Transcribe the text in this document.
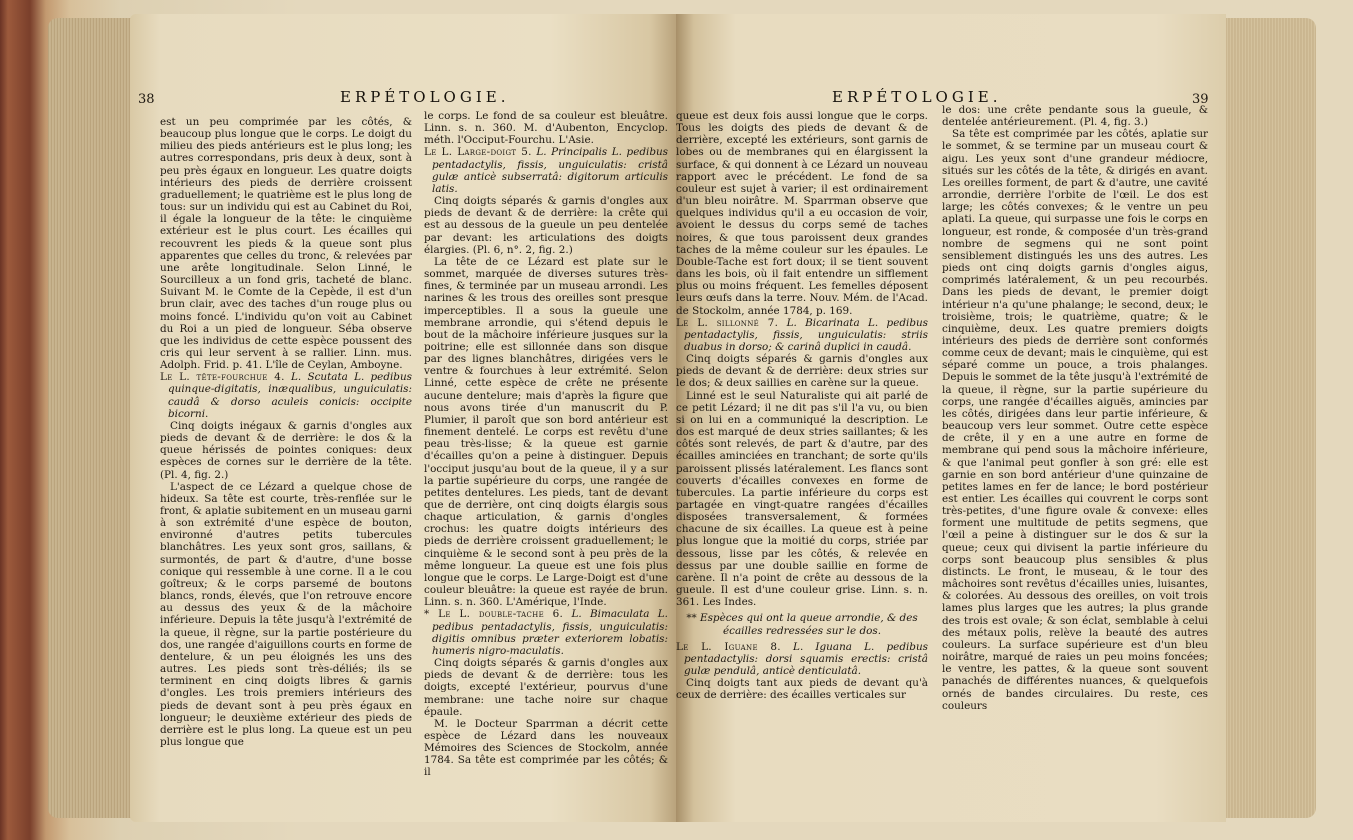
38	ERPÉTOLOGIE.

est un peu comprimée par les côtés, & beaucoup plus longue que le corps. Le doigt du milieu des pieds antérieurs est le plus long; les autres correspondans, pris deux à deux, sont à peu près égaux en longueur. Les quatre doigts intérieurs des pieds de derrière croissent graduellement; le quatrième est le plus long de tous: sur un individu qui est au Cabinet du Roi, il égale la longueur de la tête: le cinquième extérieur est le plus court. Les écailles qui recouvrent les pieds & la queue sont plus apparentes que celles du tronc, & relevées par une arête longitudinale. Selon Linné, le Sourcilleux a un fond gris, tacheté de blanc. Suivant M. le Comte de la Cepède, il est d'un brun clair, avec des taches d'un rouge plus ou moins foncé. L'individu qu'on voit au Cabinet du Roi a un pied de longueur. Séba observe que les individus de cette espèce poussent des cris qui leur servent à se rallier. Linn. mus. Adolph. Frid. p. 41. L'île de Ceylan, Amboyne.

Le L. tête-fourchue 4. L. Scutata L. pedibus quinque-digitatis, inæqualibus, unguiculatis: caudâ & dorso aculeis conicis: occipite bicorni.

Cinq doigts inégaux & garnis d'ongles aux pieds de devant & de derrière: le dos & la queue hérissés de pointes coniques: deux espèces de cornes sur le derrière de la tête. (Pl. 4, fig. 2.)

L'aspect de ce Lézard a quelque chose de hideux. Sa tête est courte, très-renflée sur le front, & aplatie subitement en un museau garni à son extrémité d'une espèce de bouton, environné d'autres petits tubercules blanchâtres. Les yeux sont gros, saillans, & surmontés, de part & d'autre, d'une bosse conique qui ressemble à une corne. Il a le cou goîtreux; & le corps parsemé de boutons blancs, ronds, élevés, que l'on retrouve encore au dessus des yeux & de la mâchoire inférieure. Depuis la tête jusqu'à l'extrémité de la queue, il règne, sur la partie postérieure du dos, une rangée d'aiguillons courts en forme de dentelure, & un peu éloignés les uns des autres. Les pieds sont très-déliés; ils se terminent en cinq doigts libres & garnis d'ongles. Les trois premiers intérieurs des pieds de devant sont à peu près égaux en longueur; le deuxième extérieur des pieds de derrière est le plus long. La queue est un peu plus longue que

le corps. Le fond de sa couleur est bleuâtre. Linn. s. n. 360. M. d'Aubenton, Encyclop. méth. l'Occiput-Fourchu. L'Asie.

Le L. Large-doigt 5. L. Principalis L. pedibus pentadactylis, fissis, unguiculatis: cristâ gulæ anticè subserratâ: digitorum articulis latis.

Cinq doigts séparés & garnis d'ongles aux pieds de devant & de derrière: la crête qui est au dessous de la gueule un peu dentelée par devant: les articulations des doigts élargies. (Pl. 6, n°. 2, fig. 2.)

La tête de ce Lézard est plate sur le sommet, marquée de diverses sutures très-fines, & terminée par un museau arrondi. Les narines & les trous des oreilles sont presque imperceptibles. Il a sous la gueule une membrane arrondie, qui s'étend depuis le bout de la mâchoire inférieure jusques sur la poitrine; elle est sillonnée dans son disque par des lignes blanchâtres, dirigées vers le ventre & fourchues à leur extrémité. Selon Linné, cette espèce de crête ne présente aucune dentelure; mais d'après la figure que nous avons tirée d'un manuscrit du P. Plumier, il paroît que son bord antérieur est finement dentelé. Le corps est revêtu d'une peau très-lisse; & la queue est garnie d'écailles qu'on a peine à distinguer. Depuis l'occiput jusqu'au bout de la queue, il y a sur la partie supérieure du corps, une rangée de petites dentelures. Les pieds, tant de devant que de derrière, ont cinq doigts élargis sous chaque articulation, & garnis d'ongles crochus: les quatre doigts intérieurs des pieds de derrière croissent graduellement; le cinquième & le second sont à peu près de la même longueur. La queue est une fois plus longue que le corps. Le Large-Doigt est d'une couleur bleuâtre: la queue est rayée de brun. Linn. s. n. 360. L'Amérique, l'Inde.

* Le L. double-tache 6. L. Bimaculata L. pedibus pentadactylis, fissis, unguiculatis: digitis omnibus præter exteriorem lobatis: humeris nigro-maculatis.

Cinq doigts séparés & garnis d'ongles aux pieds de devant & de derrière: tous les doigts, excepté l'extérieur, pourvus d'une membrane: une tache noire sur chaque épaule.

M. le Docteur Sparrman a décrit cette espèce de Lézard dans les nouveaux Mémoires des Sciences de Stockolm, année 1784. Sa tête est comprimée par les côtés; & il

ERPÉTOLOGIE.	39

queue est deux fois aussi longue que le corps. Tous les doigts des pieds de devant & de derrière, excepté les extérieurs, sont garnis de lobes ou de membranes qui en élargissent la surface, & qui donnent à ce Lézard un nouveau rapport avec le précédent. Le fond de sa couleur est sujet à varier; il est ordinairement d'un bleu noirâtre. M. Sparrman observe que quelques individus qu'il a eu occasion de voir, avoient le dessus du corps semé de taches noires, & que tous paroissent deux grandes taches de la même couleur sur les épaules. Le Double-Tache est fort doux; il se tient souvent dans les bois, où il fait entendre un sifflement plus ou moins fréquent. Les femelles déposent leurs œufs dans la terre. Nouv. Mém. de l'Acad. de Stockolm, année 1784, p. 169.

Le L. sillonné 7. L. Bicarinata L. pedibus pentadactylis, fissis, unguiculatis: striis duabus in dorso; & carinâ duplici in caudâ.

Cinq doigts séparés & garnis d'ongles aux pieds de devant & de derrière: deux stries sur le dos; & deux saillies en carène sur la queue.

Linné est le seul Naturaliste qui ait parlé de ce petit Lézard; il ne dit pas s'il l'a vu, ou bien si on lui en a communiqué la description. Le dos est marqué de deux stries saillantes; & les côtés sont relevés, de part & d'autre, par des écailles aminciées en tranchant; de sorte qu'ils paroissent plissés latéralement. Les flancs sont couverts d'écailles convexes en forme de tubercules. La partie inférieure du corps est partagée en vingt-quatre rangées d'écailles disposées transversalement, & formées chacune de six écailles. La queue est à peine plus longue que la moitié du corps, striée par dessous, lisse par les côtés, & relevée en dessus par une double saillie en forme de carène. Il n'a point de crête au dessous de la gueule. Il est d'une couleur grise. Linn. s. n. 361. Les Indes.

** Espèces qui ont la queue arrondie, & des écailles redressées sur le dos.

Le L. Iguane 8. L. Iguana L. pedibus pentadactylis: dorsi squamis erectis: cristâ gulæ pendulâ, anticè denticulatâ.

Cinq doigts tant aux pieds de devant qu'à ceux de derrière: des écailles verticales sur

le dos: une crête pendante sous la gueule, & dentelée antérieurement. (Pl. 4, fig. 3.)

Sa tête est comprimée par les côtés, aplatie sur le sommet, & se termine par un museau court & aigu. Les yeux sont d'une grandeur médiocre, situés sur les côtés de la tête, & dirigés en avant. Les oreilles forment, de part & d'autre, une cavité arrondie, derrière l'orbite de l'œil. Le dos est large; les côtés convexes; & le ventre un peu aplati. La queue, qui surpasse une fois le corps en longueur, est ronde, & composée d'un très-grand nombre de segmens qui ne sont point sensiblement distingués les uns des autres. Les pieds ont cinq doigts garnis d'ongles aigus, comprimés latéralement, & un peu recourbés. Dans les pieds de devant, le premier doigt intérieur n'a qu'une phalange; le second, deux; le troisième, trois; le quatrième, quatre; & le cinquième, deux. Les quatre premiers doigts intérieurs des pieds de derrière sont conformés comme ceux de devant; mais le cinquième, qui est séparé comme un pouce, a trois phalanges. Depuis le sommet de la tête jusqu'à l'extrémité de la queue, il règne, sur la partie supérieure du corps, une rangée d'écailles aiguës, amincies par les côtés, dirigées dans leur partie inférieure, & beaucoup vers leur sommet. Outre cette espèce de crête, il y en a une autre en forme de membrane qui pend sous la mâchoire inférieure, & que l'animal peut gonfler à son gré: elle est garnie en son bord antérieur d'une quinzaine de petites lames en fer de lance; le bord postérieur est entier. Les écailles qui couvrent le corps sont très-petites, d'une figure ovale & convexe: elles forment une multitude de petits segmens, que l'œil a peine à distinguer sur le dos & sur la queue; ceux qui divisent la partie inférieure du corps sont beaucoup plus sensibles & plus distincts. Le front, le museau, & le tour des mâchoires sont revêtus d'écailles unies, luisantes, & colorées. Au dessous des oreilles, on voit trois lames plus larges que les autres; la plus grande des trois est ovale; & son éclat, semblable à celui des métaux polis, relève la beauté des autres couleurs. La surface supérieure est d'un bleu noirâtre, marqué de raies un peu moins foncées; le ventre, les pattes, & la queue sont souvent panachés de différentes nuances, & quelquefois ornés de bandes circulaires. Du reste, ces couleurs
